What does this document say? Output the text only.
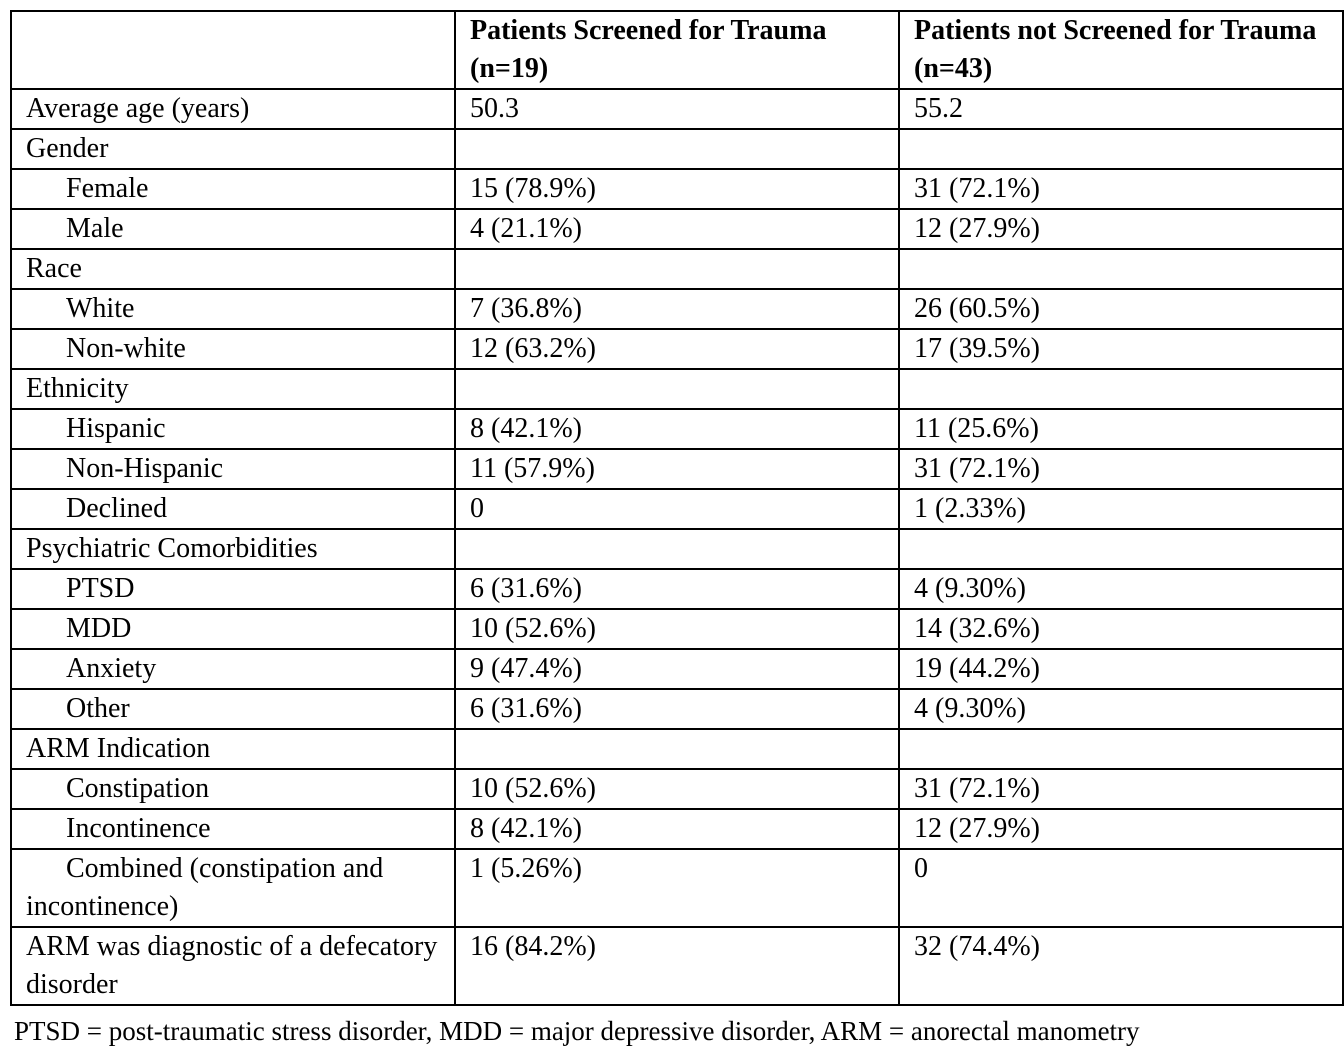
	Patients Screened for Trauma (n=19)	Patients not Screened for Trauma (n=43)
Average age (years)	50.3	55.2
Gender		
Female	15 (78.9%)	31 (72.1%)
Male	4 (21.1%)	12 (27.9%)
Race		
White	7 (36.8%)	26 (60.5%)
Non-white	12 (63.2%)	17 (39.5%)
Ethnicity		
Hispanic	8 (42.1%)	11 (25.6%)
Non-Hispanic	11 (57.9%)	31 (72.1%)
Declined	0	1 (2.33%)
Psychiatric Comorbidities		
PTSD	6 (31.6%)	4 (9.30%)
MDD	10 (52.6%)	14 (32.6%)
Anxiety	9 (47.4%)	19 (44.2%)
Other	6 (31.6%)	4 (9.30%)
ARM Indication		
Constipation	10 (52.6%)	31 (72.1%)
Incontinence	8 (42.1%)	12 (27.9%)
Combined (constipation and incontinence)	1 (5.26%)	0
ARM was diagnostic of a defecatory disorder	16 (84.2%)	32 (74.4%)
PTSD = post-traumatic stress disorder, MDD = major depressive disorder, ARM = anorectal manometry
